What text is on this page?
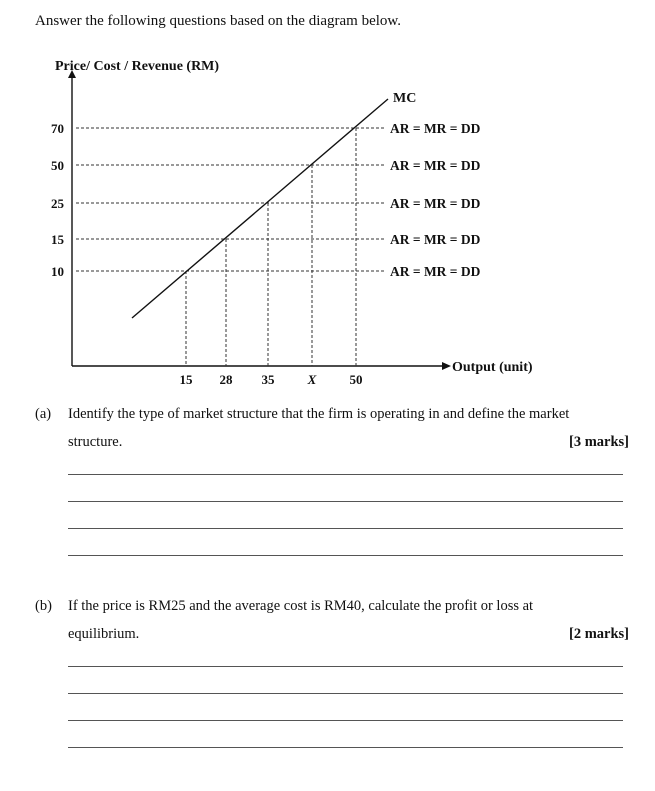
Answer the following questions based on the diagram below.
Price/ Cost / Revenue (RM)
Output (unit)
AR = MR = DD
AR = MR = DD
AR = MR = DD
AR = MR = DD
AR = MR = DD
70
50
25
15
10
15 28 35	X	50
MC
(a) Identify the type of market structure that the firm is operating in and define the market
structure.	[3 marks]
(b) If the price is RM25 and the average cost is RM40, calculate the profit or loss at
equilibrium.	[2 marks]
